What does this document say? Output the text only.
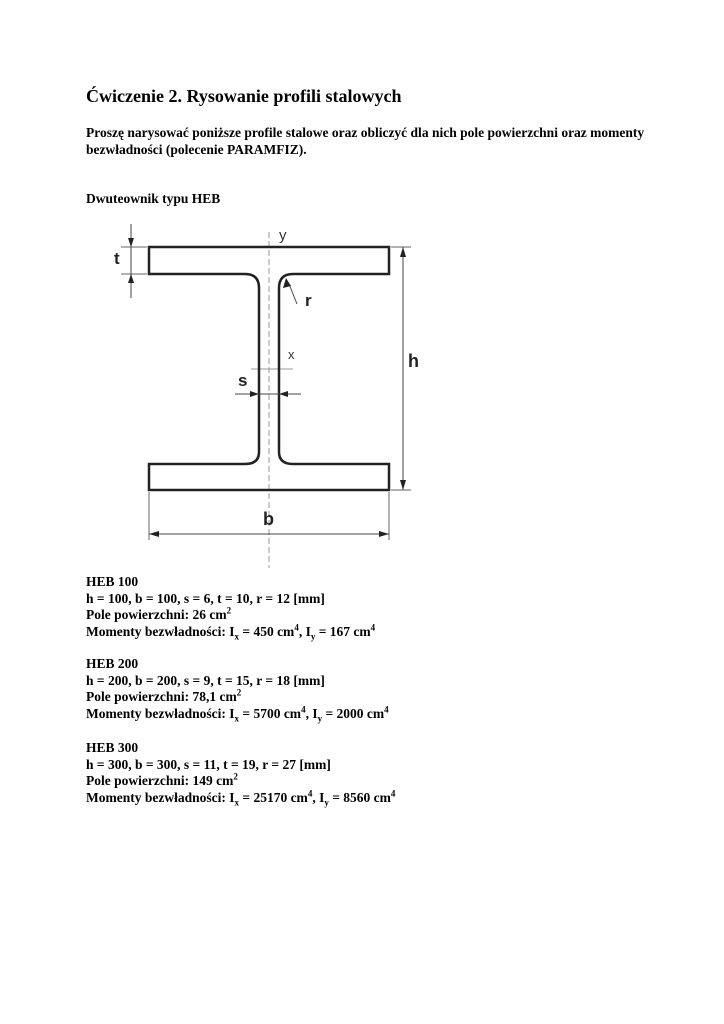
Ćwiczenie 2. Rysowanie profili stalowych
Proszę narysować poniższe profile stalowe oraz obliczyć dla nich pole powierzchni oraz momenty bezwładności (polecenie PARAMFIZ).
Dwuteownik typu HEB
y
t
r
x
s
h
b
HEB 100
h = 100, b = 100, s = 6, t = 10, r = 12 [mm]
Pole powierzchni: 26 $cm^2$
Momenty bezwładności: $I_x = 450$ $cm^4$, $I_y = 167$ $cm^4$
HEB 200
h = 200, b = 200, s = 9, t = 15, r = 18 [mm]
Pole powierzchni: 78,1 $cm^2$
Momenty bezwładności: $I_x = 5700$ $cm^4$, $I_y = 2000$ $cm^4$
HEB 300
h = 300, b = 300, s = 11, t = 19, r = 27 [mm]
Pole powierzchni: 149 $cm^2$
Momenty bezwładności: $I_x = 25170$ $cm^4$, $I_y = 8560$ $cm^4$
